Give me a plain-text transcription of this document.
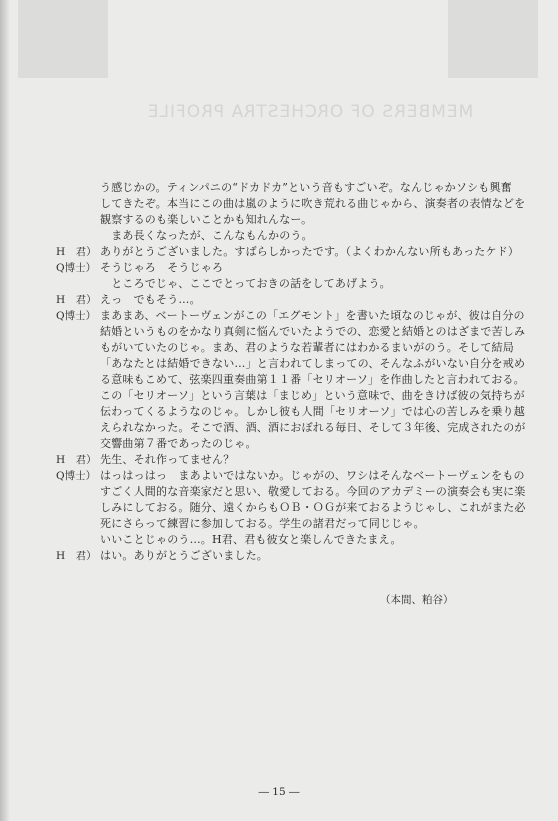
MEMBERS OF ORCHESTRA PROFILE
う感じかの。ティンパニの“ドカドカ”という音もすごいぞ。なんじゃかソシも興奮
してきたぞ。本当にこの曲は嵐のように吹き荒れる曲じゃから、演奏者の表情などを
観察するのも楽しいことかも知れんなー。
　まあ長くなったが、こんなもんかのう。
H　君） ありがとうございました。すばらしかったです。（よくわかんない所もあったケド）
Q博士） そうじゃろ　そうじゃろ
　ところでじゃ、ここでとっておきの話をしてあげよう。
H　君） えっ　でもそう…。
Q博士） まあまあ、ベートーヴェンがこの「エグモント」を書いた頃なのじゃが、彼は自分の
結婚というものをかなり真剣に悩んでいたようでの、恋愛と結婚とのはざまで苦しみ
もがいていたのじゃ。まあ、君のような若輩者にはわかるまいがのう。そして結局
「あなたとは結婚できない…」と言われてしまっての、そんなふがいない自分を戒め
る意味もこめて、弦楽四重奏曲第１１番「セリオーソ」を作曲したと言われておる。
この「セリオーソ」という言葉は「まじめ」という意味で、曲をきけば彼の気持ちが
伝わってくるようなのじゃ。しかし彼も人間「セリオーソ」では心の苦しみを乗り越
えられなかった。そこで酒、酒、酒におぼれる毎日、そして３年後、完成されたのが
交響曲第７番であったのじゃ。
H　君） 先生、それ作ってません？
Q博士） はっはっはっ　まあよいではないか。じゃがの、ワシはそんなベートーヴェンをもの
すごく人間的な音楽家だと思い、敬愛しておる。今回のアカデミーの演奏会も実に楽
しみにしておる。随分、遠くからもＯＢ・ＯＧが来ておるようじゃし、これがまた必
死にさらって練習に参加しておる。学生の諸君だって同じじゃ。
いいことじゃのう…。H君、君も彼女と楽しんできたまえ。
H　君） はい。ありがとうございました。
（本間、粕谷）
― 15 ―
